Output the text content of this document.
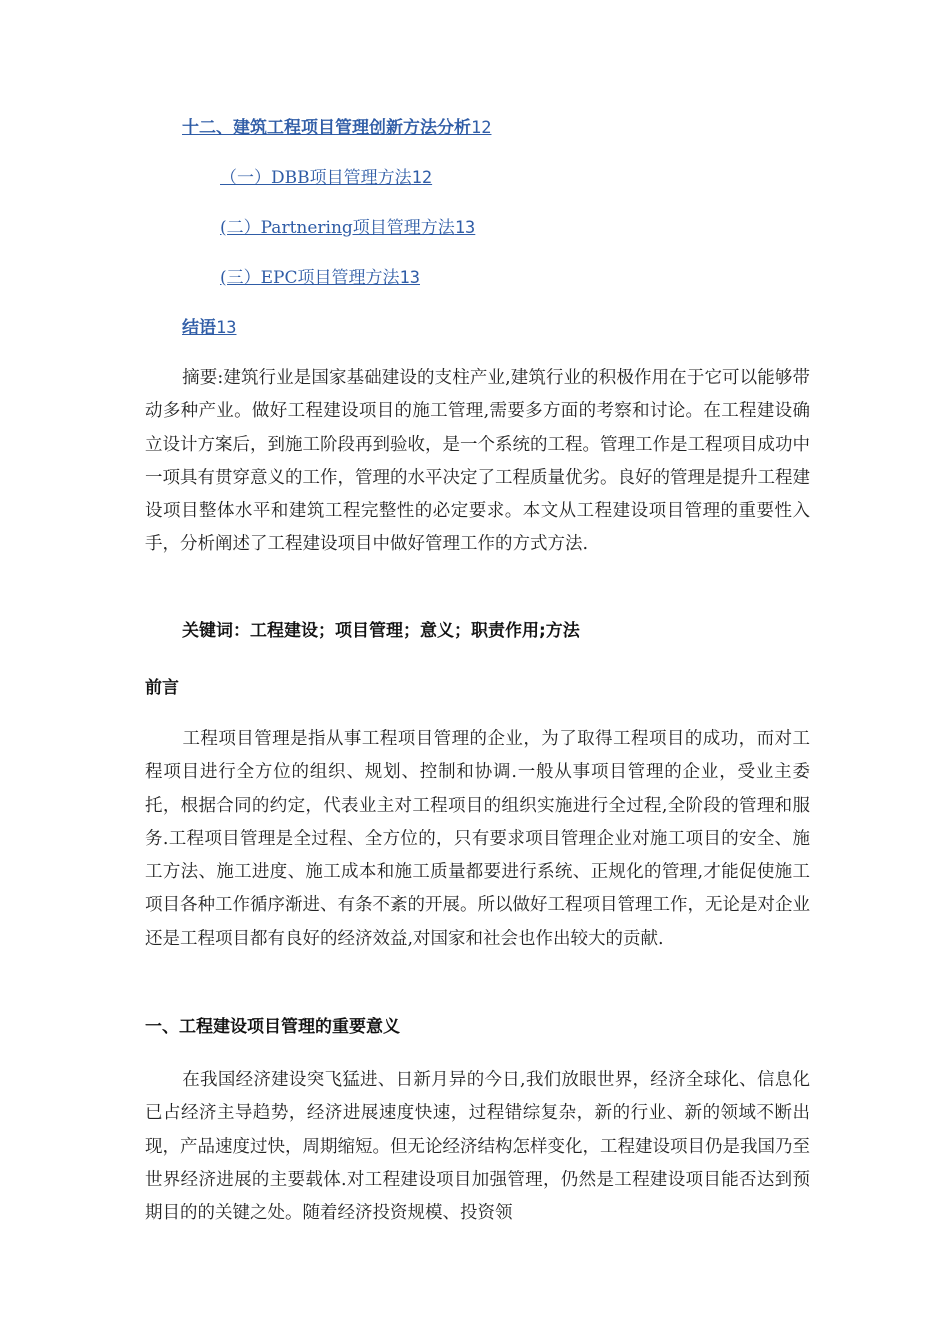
十二、建筑工程项目管理创新方法分析12

（一）DBB项目管理方法12

(二）Partnering项目管理方法13

(三）EPC项目管理方法13

结语13

摘要:建筑行业是国家基础建设的支柱产业,建筑行业的积极作用在于它可以能够带动多种产业。做好工程建设项目的施工管理,需要多方面的考察和讨论。在工程建设确立设计方案后，到施工阶段再到验收，是一个系统的工程。管理工作是工程项目成功中一项具有贯穿意义的工作，管理的水平决定了工程质量优劣。良好的管理是提升工程建设项目整体水平和建筑工程完整性的必定要求。本文从工程建设项目管理的重要性入手，分析阐述了工程建设项目中做好管理工作的方式方法.

关键词：工程建设；项目管理；意义；职责作用;方法

前言

工程项目管理是指从事工程项目管理的企业，为了取得工程项目的成功，而对工程项目进行全方位的组织、规划、控制和协调.一般从事项目管理的企业，受业主委托，根据合同的约定，代表业主对工程项目的组织实施进行全过程,全阶段的管理和服务.工程项目管理是全过程、全方位的，只有要求项目管理企业对施工项目的安全、施工方法、施工进度、施工成本和施工质量都要进行系统、正规化的管理,才能促使施工项目各种工作循序渐进、有条不紊的开展。所以做好工程项目管理工作，无论是对企业还是工程项目都有良好的经济效益,对国家和社会也作出较大的贡献.

一、工程建设项目管理的重要意义

在我国经济建设突飞猛进、日新月异的今日,我们放眼世界，经济全球化、信息化已占经济主导趋势，经济进展速度快速，过程错综复杂，新的行业、新的领域不断出现，产品速度过快，周期缩短。但无论经济结构怎样变化，工程建设项目仍是我国乃至世界经济进展的主要载体.对工程建设项目加强管理，仍然是工程建设项目能否达到预期目的的关键之处。随着经济投资规模、投资领
